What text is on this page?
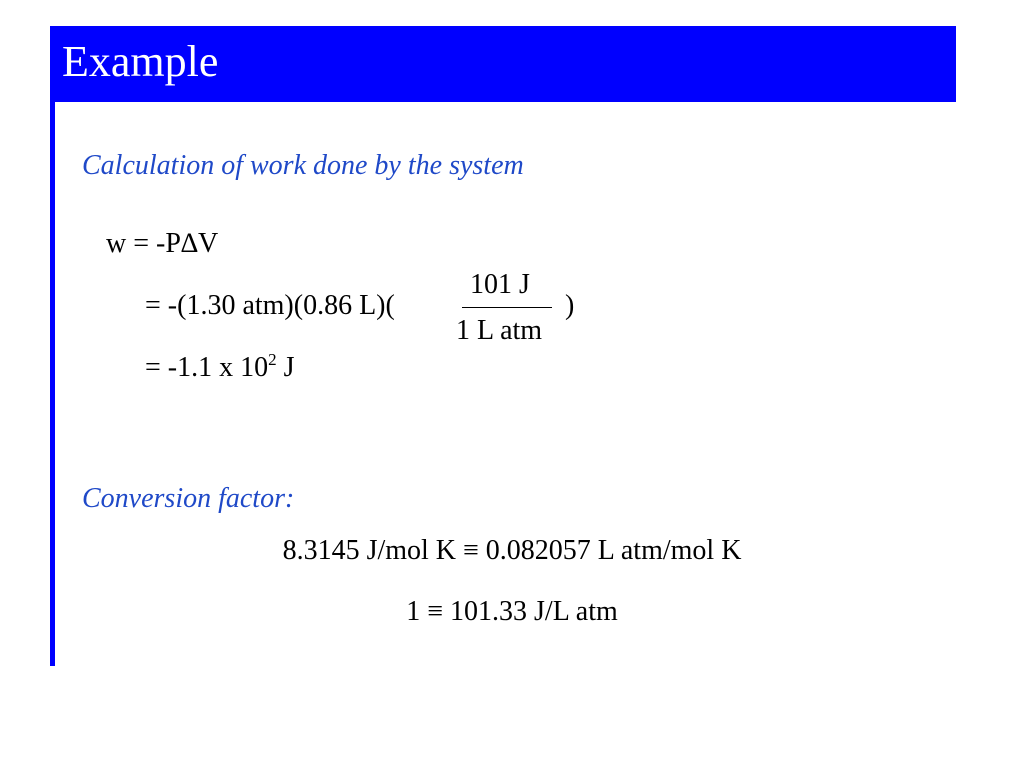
Example
Calculation of work done by the system
w = -P∆V
= -(1.30 atm)(0.86 L)(
101 J
1 L atm
)
= -1.1 x $10^2$ J
Conversion factor:
8.3145 J/mol K ≡ 0.082057 L atm/mol K
1 ≡ 101.33 J/L atm
